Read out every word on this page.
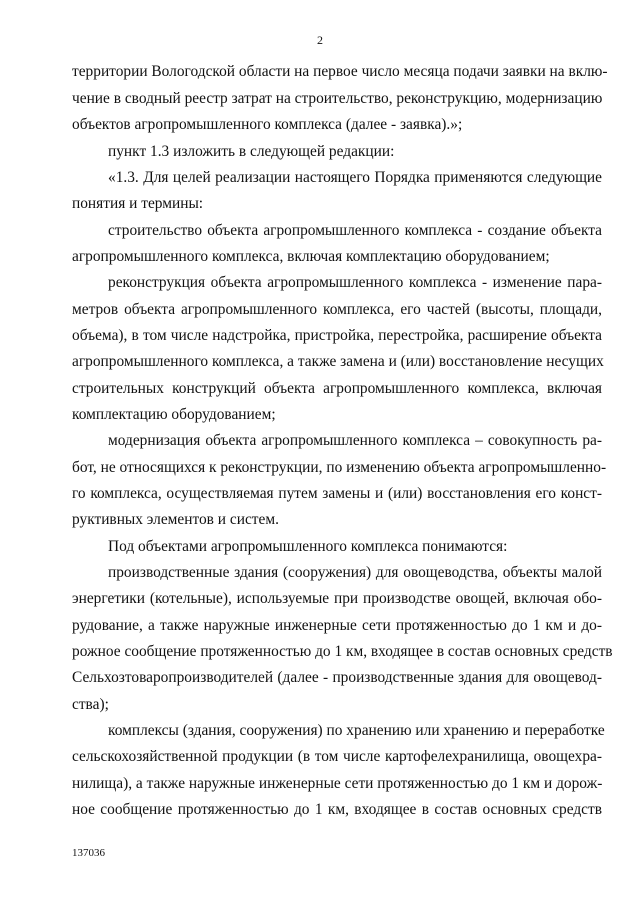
2
территории Вологодской области на первое число месяца подачи заявки на вклю-
чение в сводный реестр затрат на строительство, реконструкцию, модернизацию
объектов агропромышленного комплекса (далее - заявка).»;
пункт 1.3 изложить в следующей редакции:
«1.3. Для целей реализации настоящего Порядка применяются следующие
понятия и термины:
строительство объекта агропромышленного комплекса - создание объекта
агропромышленного комплекса, включая комплектацию оборудованием;
реконструкция объекта агропромышленного комплекса - изменение пара-
метров объекта агропромышленного комплекса, его частей (высоты, площади,
объема), в том числе надстройка, пристройка, перестройка, расширение объекта
агропромышленного комплекса, а также замена и (или) восстановление несущих
строительных конструкций объекта агропромышленного комплекса, включая
комплектацию оборудованием;
модернизация объекта агропромышленного комплекса – совокупность ра-
бот, не относящихся к реконструкции, по изменению объекта агропромышленно-
го комплекса, осуществляемая путем замены и (или) восстановления его конст-
руктивных элементов и систем.
Под объектами агропромышленного комплекса понимаются:
производственные здания (сооружения) для овощеводства, объекты малой
энергетики (котельные), используемые при производстве овощей, включая обо-
рудование, а также наружные инженерные сети протяженностью до 1 км и до-
рожное сообщение протяженностью до 1 км, входящее в состав основных средств
Сельхозтоваропроизводителей (далее - производственные здания для овощевод-
ства);
комплексы (здания, сооружения) по хранению или хранению и переработке
сельскохозяйственной продукции (в том числе картофелехранилища, овощехра-
нилища), а также наружные инженерные сети протяженностью до 1 км и дорож-
ное сообщение протяженностью до 1 км, входящее в состав основных средств
137036
